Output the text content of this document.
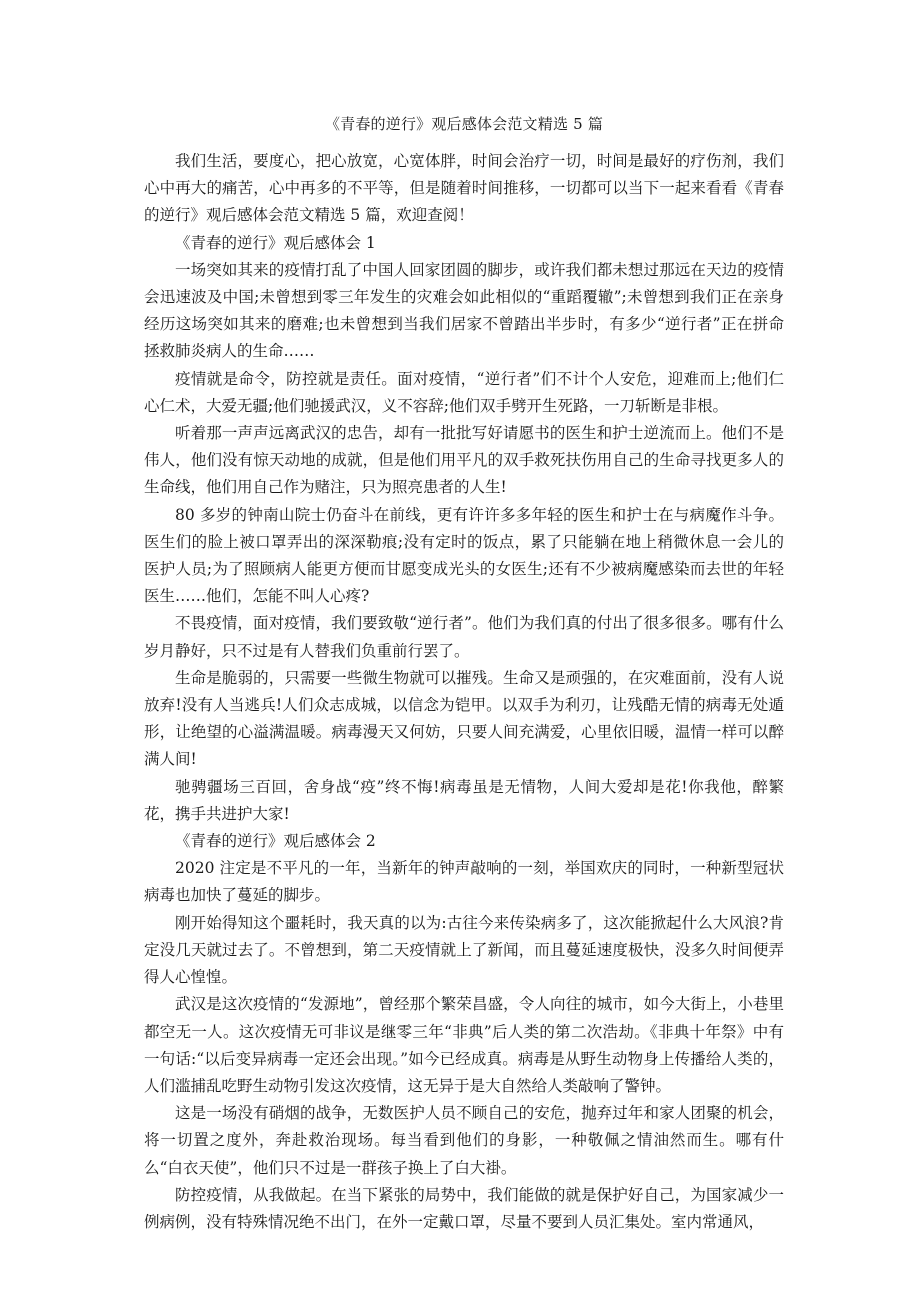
《青春的逆行》观后感体会范文精选 5 篇

我们生活，要度心，把心放宽，心宽体胖，时间会治疗一切，时间是最好的疗伤剂，我们心中再大的痛苦，心中再多的不平等，但是随着时间推移，一切都可以当下一起来看看《青春的逆行》观后感体会范文精选 5 篇，欢迎查阅！

《青春的逆行》观后感体会 1

一场突如其来的疫情打乱了中国人回家团圆的脚步，或许我们都未想过那远在天边的疫情会迅速波及中国;未曾想到零三年发生的灾难会如此相似的“重蹈覆辙”;未曾想到我们正在亲身经历这场突如其来的磨难;也未曾想到当我们居家不曾踏出半步时，有多少“逆行者”正在拼命拯救肺炎病人的生命……

疫情就是命令，防控就是责任。面对疫情，“逆行者”们不计个人安危，迎难而上;他们仁心仁术，大爱无疆;他们驰援武汉，义不容辞;他们双手劈开生死路，一刀斩断是非根。

听着那一声声远离武汉的忠告，却有一批批写好请愿书的医生和护士逆流而上。他们不是伟人，他们没有惊天动地的成就，但是他们用平凡的双手救死扶伤用自己的生命寻找更多人的生命线，他们用自己作为赌注，只为照亮患者的人生!

80 多岁的钟南山院士仍奋斗在前线，更有许许多多年轻的医生和护士在与病魔作斗争。医生们的脸上被口罩弄出的深深勒痕;没有定时的饭点，累了只能躺在地上稍微休息一会儿的医护人员;为了照顾病人能更方便而甘愿变成光头的女医生;还有不少被病魔感染而去世的年轻医生……他们，怎能不叫人心疼?

不畏疫情，面对疫情，我们要致敬“逆行者”。他们为我们真的付出了很多很多。哪有什么岁月静好，只不过是有人替我们负重前行罢了。

生命是脆弱的，只需要一些微生物就可以摧残。生命又是顽强的，在灾难面前，没有人说放弃!没有人当逃兵!人们众志成城，以信念为铠甲。以双手为利刃，让残酷无情的病毒无处遁形，让绝望的心溢满温暖。病毒漫天又何妨，只要人间充满爱，心里依旧暖，温情一样可以醉满人间!

驰骋疆场三百回，舍身战“疫”终不悔!病毒虽是无情物，人间大爱却是花!你我他，醉繁花，携手共进护大家!

《青春的逆行》观后感体会 2

2020 注定是不平凡的一年，当新年的钟声敲响的一刻，举国欢庆的同时，一种新型冠状病毒也加快了蔓延的脚步。

刚开始得知这个噩耗时，我天真的以为:古往今来传染病多了，这次能掀起什么大风浪?肯定没几天就过去了。不曾想到，第二天疫情就上了新闻，而且蔓延速度极快，没多久时间便弄得人心惶惶。

武汉是这次疫情的“发源地”，曾经那个繁荣昌盛，令人向往的城市，如今大街上，小巷里都空无一人。这次疫情无可非议是继零三年“非典”后人类的第二次浩劫。《非典十年祭》中有一句话:“以后变异病毒一定还会出现。”如今已经成真。病毒是从野生动物身上传播给人类的，人们滥捕乱吃野生动物引发这次疫情，这无异于是大自然给人类敲响了警钟。

这是一场没有硝烟的战争，无数医护人员不顾自己的安危，抛弃过年和家人团聚的机会，将一切置之度外，奔赴救治现场。每当看到他们的身影，一种敬佩之情油然而生。哪有什么“白衣天使”，他们只不过是一群孩子换上了白大褂。

防控疫情，从我做起。在当下紧张的局势中，我们能做的就是保护好自己，为国家减少一例病例，没有特殊情况绝不出门，在外一定戴口罩，尽量不要到人员汇集处。室内常通风，
